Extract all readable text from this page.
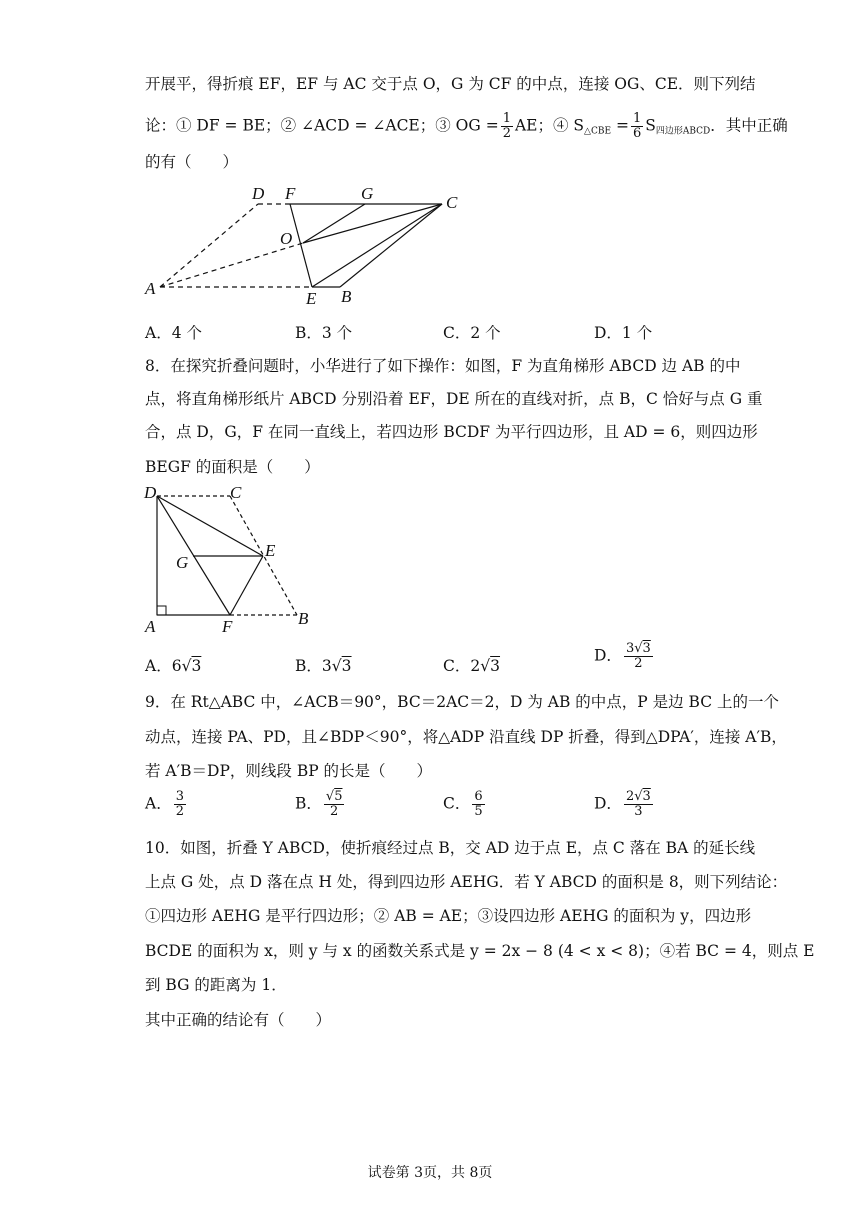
开展平，得折痕 EF，EF 与 AC 交于点 O，G 为 CF 的中点，连接 OG、CE．则下列结
论：① DF = BE；② ∠ACD = ∠ACE；③ OG = $\frac{1}{2}$ AE；④ $S_{\triangle CBE} = \frac{1}{6} S_{四边形ABCD}$．其中正确
的有（　　）
D F	G	C
O
A
E B
A．4 个	B．3 个	C．2 个	D．1 个
8．在探究折叠问题时，小华进行了如下操作：如图，F 为直角梯形 ABCD 边 AB 的中
点，将直角梯形纸片 ABCD 分别沿着 EF，DE 所在的直线对折，点 B，C 恰好与点 G 重
合，点 D，G，F 在同一直线上，若四边形 BCDF 为平行四边形，且 AD = 6，则四边形
BEGF 的面积是（　　）
D	C
G
E
A	F	B
A．6√3	B．3√3	C．2√3
D． $\frac{3√3}{2}$
9．在 Rt△ABC 中，∠ACB＝90°，BC＝2AC＝2，D 为 AB 的中点，P 是边 BC 上的一个
动点，连接 PA、PD，且∠BDP＜90°，将△ADP 沿直线 DP 折叠，得到△DPA′，连接 A′B，
若 A′B＝DP，则线段 BP 的长是（　　）
A． $\frac{3}{2}$	B． $\frac{√5}{2}$	C． $\frac{6}{5}$	D． $\frac{2√3}{3}$
10．如图，折叠 Y ABCD，使折痕经过点 B，交 AD 边于点 E，点 C 落在 BA 的延长线
上点 G 处，点 D 落在点 H 处，得到四边形 AEHG．若 Y ABCD 的面积是 8，则下列结论：
①四边形 AEHG 是平行四边形；② AB = AE；③设四边形 AEHG 的面积为 y，四边形
BCDE 的面积为 x，则 y 与 x 的函数关系式是 y = 2x − 8 (4 < x < 8)；④若 BC = 4，则点 E
到 BG 的距离为 1．
其中正确的结论有（　　）
试卷第 3页，共 8页
